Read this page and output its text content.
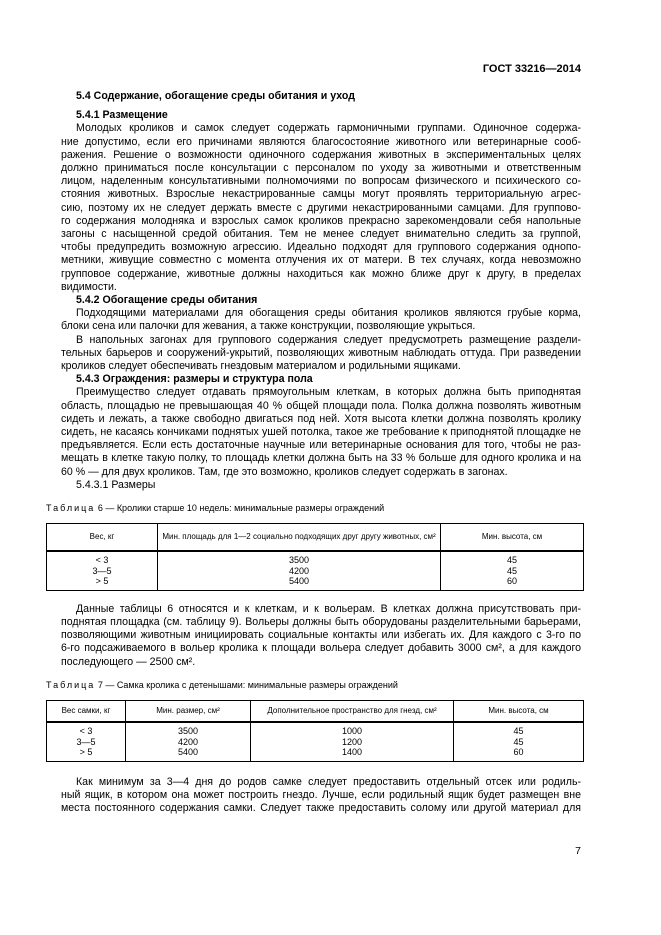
ГОСТ 33216—2014
5.4 Содержание, обогащение среды обитания и уход
5.4.1 Размещение
Молодых кроликов и самок следует содержать гармоничными группами. Одиночное содержа-
ние допустимо, если его причинами являются благосостояние животного или ветеринарные сооб-
ражения. Решение о возможности одиночного содержания животных в экспериментальных целях
должно приниматься после консультации с персоналом по уходу за животными и ответственным
лицом, наделенным консультативными полномочиями по вопросам физического и психического со-
стояния животных. Взрослые некастрированные самцы могут проявлять территориальную агрес-
сию, поэтому их не следует держать вместе с другими некастрированными самцами. Для группово-
го содержания молодняка и взрослых самок кроликов прекрасно зарекомендовали себя напольные
загоны с насыщенной средой обитания. Тем не менее следует внимательно следить за группой,
чтобы предупредить возможную агрессию. Идеально подходят для группового содержания однопо-
метники, живущие совместно с момента отлучения их от матери. В тех случаях, когда невозможно
групповое содержание, животные должны находиться как можно ближе друг к другу, в пределах
видимости.
5.4.2 Обогащение среды обитания
Подходящими материалами для обогащения среды обитания кроликов являются грубые корма,
блоки сена или палочки для жевания, а также конструкции, позволяющие укрыться.
В напольных загонах для группового содержания следует предусмотреть размещение раздели-
тельных барьеров и сооружений-укрытий, позволяющих животным наблюдать оттуда. При разведении
кроликов следует обеспечивать гнездовым материалом и родильными ящиками.
5.4.3 Ограждения: размеры и структура пола
Преимущество следует отдавать прямоугольным клеткам, в которых должна быть приподнятая
область, площадью не превышающая 40 % общей площади пола. Полка должна позволять животным
сидеть и лежать, а также свободно двигаться под ней. Хотя высота клетки должна позволять кролику
сидеть, не касаясь кончиками поднятых ушей потолка, такое же требование к приподнятой площадке не
предъявляется. Если есть достаточные научные или ветеринарные основания для того, чтобы не раз-
мещать в клетке такую полку, то площадь клетки должна быть на 33 % больше для одного кролика и на
60 % — для двух кроликов. Там, где это возможно, кроликов следует содержать в загонах.
5.4.3.1 Размеры
Таблица 6 — Кролики старше 10 недель: минимальные размеры ограждений
Вес, кг	Мин. площадь для 1—2 социально подходящих друг другу животных, см²	Мин. высота, см
< 3	3500	45
3—5	4200	45
> 5	5400	60
Данные таблицы 6 относятся и к клеткам, и к вольерам. В клетках должна присутствовать при-
поднятая площадка (см. таблицу 9). Вольеры должны быть оборудованы разделительными барьерами,
позволяющими животным инициировать социальные контакты или избегать их. Для каждого с 3-го по
6-го подсаживаемого в вольер кролика к площади вольера следует добавить 3000 см², а для каждого
последующего — 2500 см².
Таблица 7 — Самка кролика с детенышами: минимальные размеры ограждений
Вес самки, кг	Мин. размер, см²	Дополнительное пространство для гнезд, см²	Мин. высота, см
< 3	3500	1000	45
3—5	4200	1200	45
> 5	5400	1400	60
Как минимум за 3—4 дня до родов самке следует предоставить отдельный отсек или родиль-
ный ящик, в котором она может построить гнездо. Лучше, если родильный ящик будет размещен вне
места постоянного содержания самки. Следует также предоставить солому или другой материал для
7
